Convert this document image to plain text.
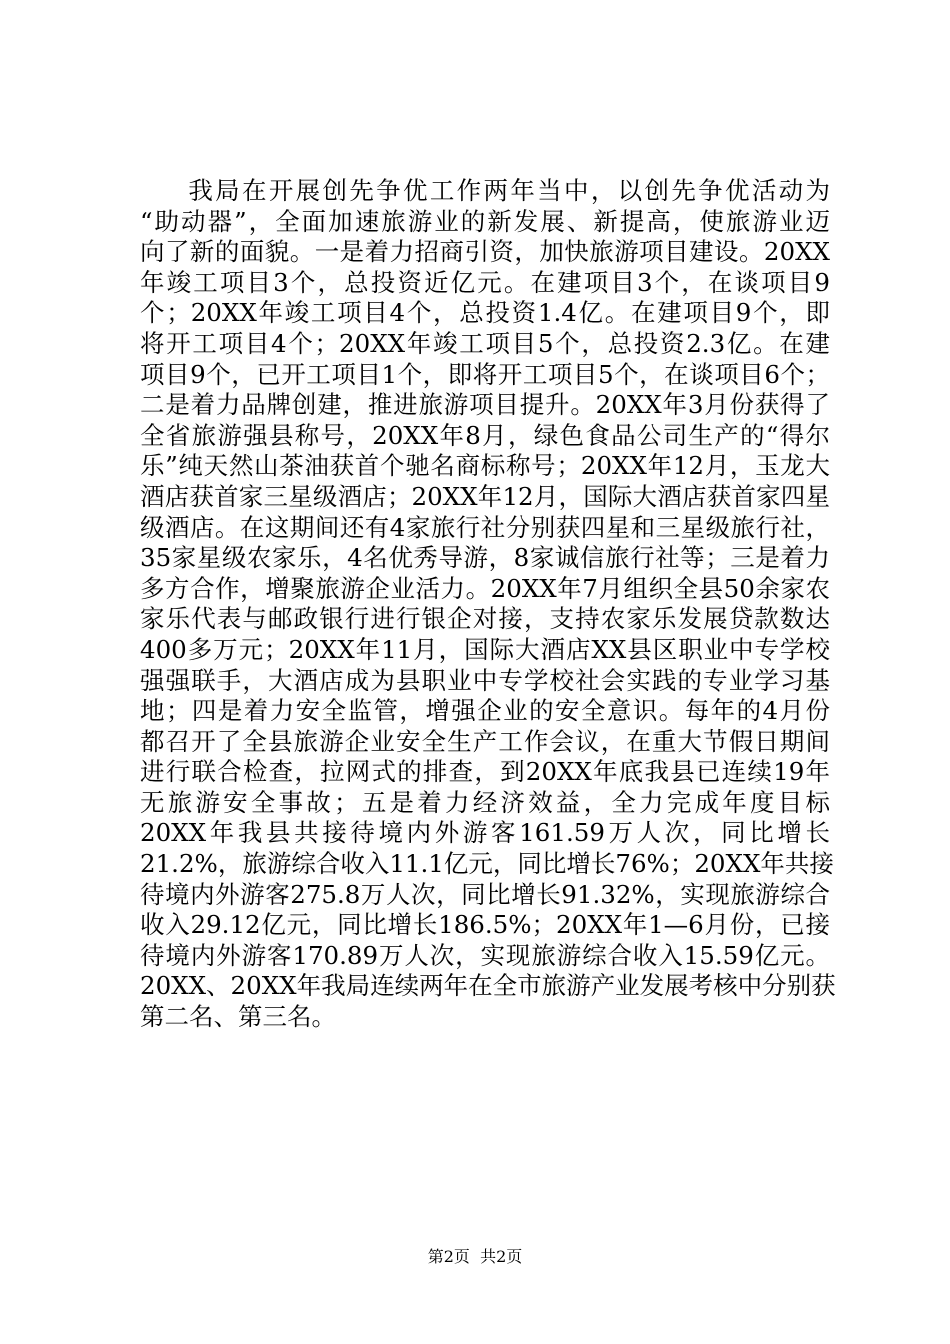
我局在开展创先争优工作两年当中，以创先争优活动为
“助动器”，全面加速旅游业的新发展、新提高，使旅游业迈
向了新的面貌。一是着力招商引资，加快旅游项目建设。20XX
年竣工项目3个，总投资近亿元。在建项目3个，在谈项目9
个；20XX年竣工项目4个，总投资1.4亿。在建项目9个，即
将开工项目4个；20XX年竣工项目5个，总投资2.3亿。在建
项目9个，已开工项目1个，即将开工项目5个，在谈项目6个；
二是着力品牌创建，推进旅游项目提升。20XX年3月份获得了
全省旅游强县称号，20XX年8月，绿色食品公司生产的“得尔
乐”纯天然山茶油获首个驰名商标称号；20XX年12月，玉龙大
酒店获首家三星级酒店；20XX年12月，国际大酒店获首家四星
级酒店。在这期间还有4家旅行社分别获四星和三星级旅行社，
35家星级农家乐，4名优秀导游，8家诚信旅行社等；三是着力
多方合作，增聚旅游企业活力。20XX年7月组织全县50余家农
家乐代表与邮政银行进行银企对接，支持农家乐发展贷款数达
400多万元；20XX年11月，国际大酒店XX县区职业中专学校
强强联手，大酒店成为县职业中专学校社会实践的专业学习基
地；四是着力安全监管，增强企业的安全意识。每年的4月份
都召开了全县旅游企业安全生产工作会议，在重大节假日期间
进行联合检查，拉网式的排查，到20XX年底我县已连续19年
无旅游安全事故；五是着力经济效益，全力完成年度目标
20XX年我县共接待境内外游客161.59万人次，同比增长
21.2%，旅游综合收入11.1亿元，同比增长76%；20XX年共接
待境内外游客275.8万人次，同比增长91.32%，实现旅游综合
收入29.12亿元，同比增长186.5%；20XX年1—6月份，已接
待境内外游客170.89万人次，实现旅游综合收入15.59亿元。
20XX、20XX年我局连续两年在全市旅游产业发展考核中分别获
第二名、第三名。
第2页 共2页
